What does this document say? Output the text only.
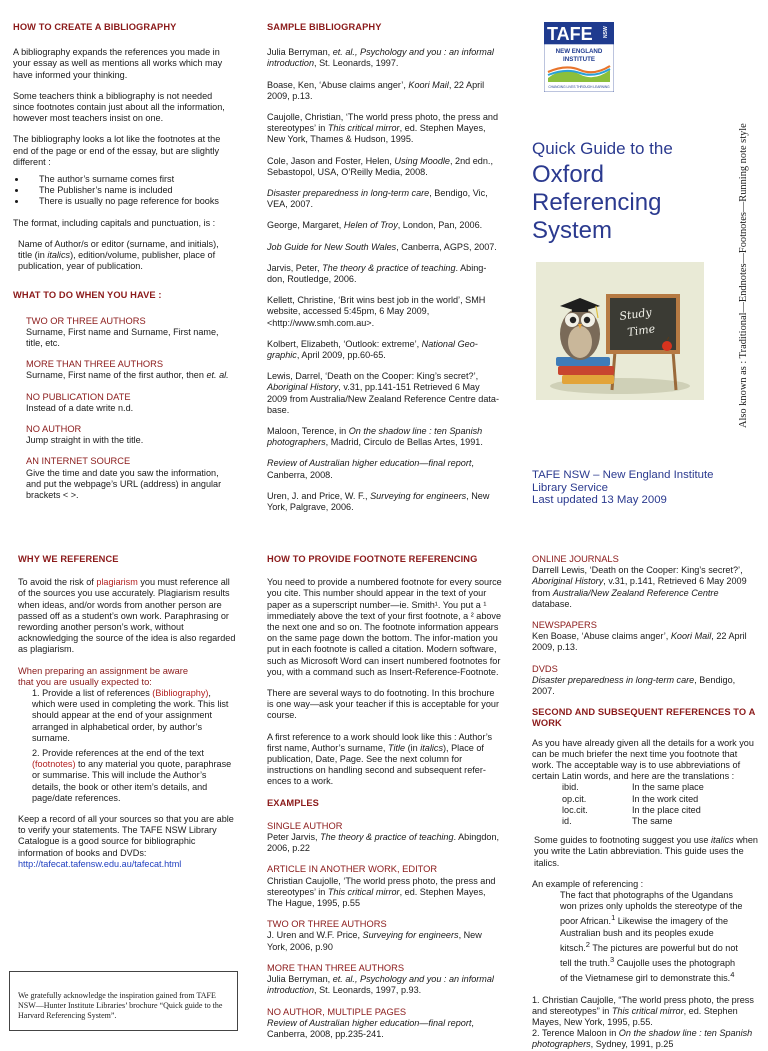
HOW TO CREATE A BIBLIOGRAPHY

A bibliography expands the references you made in your essay as well as mentions all works which may have informed your thinking.

Some teachers think a bibliography is not needed since footnotes contain just about all the information, however most teachers insist on one.

The bibliography looks a lot like the footnotes at the end of the page or end of the essay, but are slightly different :

• The author’s surname comes first
• The Publisher’s name is included
• There is usually no page reference for books

The format, including capitals and punctuation, is :

Name of Author/s or editor (surname, and initials), title (in italics), edition/volume, publisher, place of publication, year of publication.

WHAT TO DO WHEN YOU HAVE :

TWO OR THREE AUTHORS

Surname, First name and Surname, First name, title, etc.

MORE THAN THREE AUTHORS

Surname, First name of the first author, then et. al.

NO PUBLICATION DATE

Instead of a date write n.d.

NO AUTHOR

Jump straight in with the title.

AN INTERNET SOURCE

Give the time and date you saw the information, and put the webpage’s URL (address) in angular brackets < >.

SAMPLE BIBLIOGRAPHY

Julia Berryman, et. al., Psychology and you : an informal introduction, St. Leonards, 1997.

Boase, Ken, ‘Abuse claims anger’, Koori Mail, 22 April 2009, p.13.

Caujolle, Christian, ‘The world press photo, the press and stereotypes’ in This critical mirror, ed. Stephen Mayes, New York, Thames & Hudson, 1995.

Cole, Jason and Foster, Helen, Using Moodle, 2nd edn., Sebastopol, USA, O’Reilly Media, 2008.

Disaster preparedness in long-term care, Bendigo, Vic, VEA, 2007.

George, Margaret, Helen of Troy, London, Pan, 2006.

Job Guide for New South Wales, Canberra, AGPS, 2007.

Jarvis, Peter, The theory & practice of teaching. Abing-don, Routledge, 2006.

Kellett, Christine, ‘Brit wins best job in the world’, SMH website, accessed 5:45pm, 6 May 2009, <http://www.smh.com.au>.

Kolbert, Elizabeth, ‘Outlook: extreme’, National Geo-graphic, April 2009, pp.60-65.

Lewis, Darrel, ‘Death on the Cooper: King’s secret?’, Aboriginal History, v.31, pp.141-151 Retrieved 6 May 2009 from Australia/New Zealand Reference Centre data-base.

Maloon, Terence, in On the shadow line : ten Spanish photographers, Madrid, Circulo de Bellas Artes, 1991.

Review of Australian higher education—final report, Canberra, 2008.

Uren, J. and Price, W. F., Surveying for engineers, New York, Palgrave, 2006.

TAFE NSW
NEW ENGLAND
INSTITUTE
CHANGING LIVES THROUGH LEARNING
Quick Guide to the
Oxford Referencing System	Also known as : Traditional—Endnotes—Footnotes—Running note style
Study
Time
TAFE NSW – New England Institute
Library Service
Last updated 13 May 2009
WHY WE REFERENCE

To avoid the risk of plagiarism you must reference all of the sources you use accurately. Plagiarism results when ideas, and/or words from another person are passed off as a student’s own work. Paraphrasing or rewording another person’s work, without acknowledging the source of the idea is also regarded as plagiarism.

When preparing an assignment be aware

that you are usually expected to:

1. Provide a list of references (Bibliography), which were used in completing the work. This list should appear at the end of your assignment arranged in alphabetical order, by author’s surname.

2. Provide references at the end of the text (footnotes) to any material you quote, paraphrase or summarise. This will include the Author’s details, the book or other item’s details, and page/date references.

Keep a record of all your sources so that you are able to verify your statements. The TAFE NSW Library Catalogue is a good source for bibliographic information of books and DVDs:

http://tafecat.tafensw.edu.au/tafecat.html
We gratefully acknowledge the inspiration gained from TAFE NSW—Hunter Institute Libraries’ brochure “Quick guide to the Harvard Referencing System”.
HOW TO PROVIDE FOOTNOTE REFERENCING

You need to provide a numbered footnote for every source you cite. This number should appear in the text of your paper as a superscript number—ie. Smith¹. You put a ¹ immediately above the text of your first footnote, a ² above the next one and so on. The footnote information appears on the same page down the bottom. The infor-mation you put in each footnote is called a citation. Modern software, such as Microsoft Word can insert numbered footnotes for you, with a command such as Insert-Reference-Footnote.

There are several ways to do footnoting. In this brochure is one way—ask your teacher if this is acceptable for your course.

A first reference to a work should look like this : Author’s first name, Author’s surname, Title (in italics), Place of publication, Date, Page. See the next column for instructions on handling second and subsequent refer-ences to a work.

EXAMPLES

SINGLE AUTHOR

Peter Jarvis, The theory & practice of teaching. Abingdon, 2006, p.22

ARTICLE IN ANOTHER WORK, EDITOR

Christian Caujolle, ‘The world press photo, the press and stereotypes’ in This critical mirror, ed. Stephen Mayes, The Hague, 1995, p.55

TWO OR THREE AUTHORS

J. Uren and W.F. Price, Surveying for engineers, New York, 2006, p.90

MORE THAN THREE AUTHORS

Julia Berryman, et. al., Psychology and you : an informal introduction, St. Leonards, 1997, p.93.

NO AUTHOR, MULTIPLE PAGES

Review of Australian higher education—final report, Canberra, 2008, pp.235-241.

ONLINE JOURNALS

Darrell Lewis, ‘Death on the Cooper: King’s secret?’, Aboriginal History, v.31, p.141, Retrieved 6 May 2009 from Australia/New Zealand Reference Centre database.

NEWSPAPERS

Ken Boase, ‘Abuse claims anger’, Koori Mail, 22 April 2009, p.13.

DVDS

Disaster preparedness in long-term care, Bendigo, 2007.

SECOND AND SUBSEQUENT REFERENCES TO A WORK

As you have already given all the details for a work you can be much briefer the next time you footnote that work. The acceptable way is to use abbreviations of certain Latin words, and here are the translations :

ibid.	In the same place
op.cit.	In the work cited
loc.cit.	In the place cited
id.	The same

Some guides to footnoting suggest you use italics when you write the Latin abbreviation. This guide uses the italics.

An example of referencing :

The fact that photographs of the Ugandans won prizes only upholds the stereotype of the poor African.$^1$ Likewise the imagery of the Australian bush and its peoples exude kitsch.$^2$ The pictures are powerful but do not tell the truth.$^3$ Caujolle uses the photograph of the Vietnamese girl to demonstrate this.$^4$

1. Christian Caujolle, “The world press photo, the press and stereotypes” in This critical mirror, ed. Stephen Mayes, New York, 1995, p.55.

2. Terence Maloon in On the shadow line : ten Spanish photographers, Sydney, 1991, p.25
